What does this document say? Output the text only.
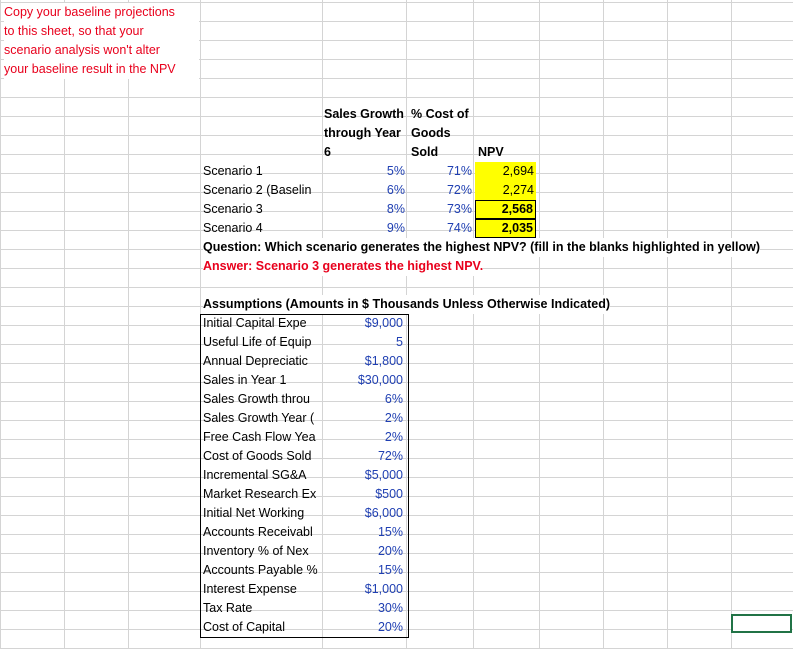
Copy your baseline projections
to this sheet, so that your
scenario analysis won't alter
your baseline result in the NPV
Sales Growth
through Year
6
% Cost of
Goods
Sold	NPV
Scenario 1	5%	71%	2,694
Scenario 2 (Baselin	6%	72%	2,274
Scenario 3	8%	73%	2,568
Scenario 4	9%	74%	2,035
Question: Which scenario generates the highest NPV? (fill in the blanks highlighted in yellow)
Answer: Scenario 3 generates the highest NPV.
Assumptions (Amounts in $ Thousands Unless Otherwise Indicated)
Initial Capital Expe	$9,000
Useful Life of Equip	5
Annual Depreciatic	$1,800
Sales in Year 1	$30,000
Sales Growth throu	6%
Sales Growth Year (	2%
Free Cash Flow Yea	2%
Cost of Goods Sold	72%
Incremental SG&A	$5,000
Market Research Ex	$500
Initial Net Working	$6,000
Accounts Receivabl	15%
Inventory % of Nex	20%
Accounts Payable %	15%
Interest Expense	$1,000
Tax Rate	30%
Cost of Capital	20%
